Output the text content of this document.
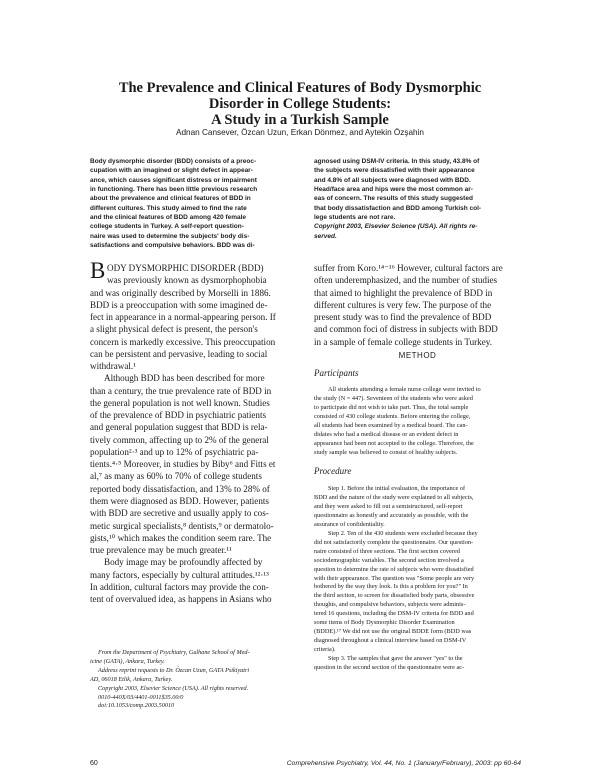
The Prevalence and Clinical Features of Body Dysmorphic
Disorder in College Students:
A Study in a Turkish Sample
Adnan Cansever, Özcan Uzun, Erkan Dönmez, and Aytekin Özşahin
Body dysmorphic disorder (BDD) consists of a preoc-
cupation with an imagined or slight defect in appear-
ance, which causes significant distress or impairment
in functioning. There has been little previous research
about the prevalence and clinical features of BDD in
different cultures. This study aimed to find the rate
and the clinical features of BDD among 420 female
college students in Turkey. A self-report question-
naire was used to determine the subjects' body dis-
satisfactions and compulsive behaviors. BDD was di-
agnosed using DSM-IV criteria. In this study, 43.8% of
the subjects were dissatisfied with their appearance
and 4.8% of all subjects were diagnosed with BDD.
Head/face area and hips were the most common ar-
eas of concern. The results of this study suggested
that body dissatisfaction and BDD among Turkish col-
lege students are not rare.
Copyright 2003, Elsevier Science (USA). All rights re-
served.
B ODY DYSMORPHIC DISORDER (BDD)
was previously known as dysmorphophobia
and was originally described by Morselli in 1886.
BDD is a preoccupation with some imagined de-
fect in appearance in a normal-appearing person. If
a slight physical defect is present, the person's
concern is markedly excessive. This preoccupation
can be persistent and pervasive, leading to social
withdrawal.¹
Although BDD has been described for more
than a century, the true prevalence rate of BDD in
the general population is not well known. Studies
of the prevalence of BDD in psychiatric patients
and general population suggest that BDD is rela-
tively common, affecting up to 2% of the general
population²·³ and up to 12% of psychiatric pa-
tients.⁴·⁵ Moreover, in studies by Biby⁶ and Fitts et
al,⁷ as many as 60% to 70% of college students
reported body dissatisfaction, and 13% to 28% of
them were diagnosed as BDD. However, patients
with BDD are secretive and usually apply to cos-
metic surgical specialists,⁸ dentists,⁹ or dermatolo-
gists,¹⁰ which makes the condition seem rare. The
true prevalence may be much greater.¹¹
Body image may be profoundly affected by
many factors, especially by cultural attitudes.¹²·¹³
In addition, cultural factors may provide the con-
tent of overvalued idea, as happens in Asians who
From the Department of Psychiatry, Gulhane School of Med-
icine (GATA), Ankara, Turkey.
Address reprint requests to Dr. Özcan Uzun, GATA Psikiyatri
AD, 06018 Etlik, Ankara, Turkey.
Copyright 2003, Elsevier Science (USA). All rights reserved.
0010-440X/03/4401-0011$35.00/0
doi:10.1053/comp.2003.50010
suffer from Koro.¹⁴⁻¹⁶ However, cultural factors are
often underemphasized, and the number of studies
that aimed to highlight the prevalence of BDD in
different cultures is very few. The purpose of the
present study was to find the prevalence of BDD
and common foci of distress in subjects with BDD
in a sample of female college students in Turkey.
METHOD
Participants
All students attending a female nurse college were invited to
the study (N = 447). Seventeen of the students who were asked
to participate did not wish to take part. Thus, the total sample
consisted of 430 college students. Before entering the college,
all students had been examined by a medical board. The can-
didates who had a medical disease or an evident defect in
appearance had been not accepted to the college. Therefore, the
study sample was believed to consist of healthy subjects.
Procedure
Step 1. Before the initial evaluation, the importance of
BDD and the nature of the study were explained to all subjects,
and they were asked to fill out a semistructured, self-report
questionnaire as honestly and accurately as possible, with the
assurance of confidentiality.
Step 2. Ten of the 430 students were excluded because they
did not satisfactorily complete the questionnaire. Our question-
naire consisted of three sections. The first section covered
sociodemographic variables. The second section involved a
question to determine the rate of subjects who were dissatisfied
with their appearance. The question was "Some people are very
bothered by the way they look. Is this a problem for you?" In
the third section, to screen for dissatisfied body parts, obsessive
thoughts, and compulsive behaviors, subjects were adminis-
tered 16 questions, including the DSM-IV criteria for BDD and
some items of Body Dysmorphic Disorder Examination
(BDDE).¹⁷ We did not use the original BDDE form (BDD was
diagnosed throughout a clinical interview based on DSM-IV
criteria).
Step 3. The samples that gave the answer "yes" to the
question in the second section of the questionnaire were ac-
60	Comprehensive Psychiatry, Vol. 44, No. 1 (January/February), 2003: pp 60-64
